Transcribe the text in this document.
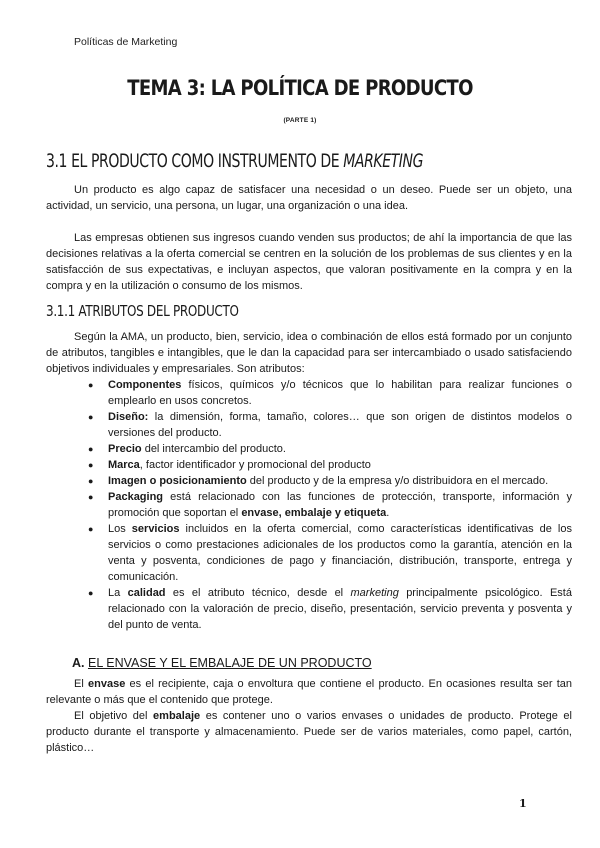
Políticas de Marketing
TEMA 3: LA POLÍTICA DE PRODUCTO
(PARTE 1)
3.1 EL PRODUCTO COMO INSTRUMENTO DE MARKETING

Un producto es algo capaz de satisfacer una necesidad o un deseo. Puede ser un objeto, una actividad, un servicio, una persona, un lugar, una organización o una idea.

Las empresas obtienen sus ingresos cuando venden sus productos; de ahí la importancia de que las decisiones relativas a la oferta comercial se centren en la solución de los problemas de sus clientes y en la satisfacción de sus expectativas, e incluyan aspectos, que valoran positivamente en la compra y en la compra y en la utilización o consumo de los mismos.

3.1.1 ATRIBUTOS DEL PRODUCTO

Según la AMA, un producto, bien, servicio, idea o combinación de ellos está formado por un conjunto de atributos, tangibles e intangibles, que le dan la capacidad para ser intercambiado o usado satisfaciendo objetivos individuales y empresariales. Son atributos:

● Componentes físicos, químicos y/o técnicos que lo habilitan para realizar funciones o emplearlo en usos concretos.
● Diseño: la dimensión, forma, tamaño, colores… que son origen de distintos modelos o versiones del producto.
● Precio del intercambio del producto.
● Marca, factor identificador y promocional del producto
● Imagen o posicionamiento del producto y de la empresa y/o distribuidora en el mercado.
● Packaging está relacionado con las funciones de protección, transporte, información y promoción que soportan el envase, embalaje y etiqueta.
● Los servicios incluidos en la oferta comercial, como características identificativas de los servicios o como prestaciones adicionales de los productos como la garantía, atención en la venta y posventa, condiciones de pago y financiación, distribución, transporte, entrega y comunicación.
● La calidad es el atributo técnico, desde el marketing principalmente psicológico. Está relacionado con la valoración de precio, diseño, presentación, servicio preventa y posventa y del punto de venta.
A. EL ENVASE Y EL EMBALAJE DE UN PRODUCTO

El envase es el recipiente, caja o envoltura que contiene el producto. En ocasiones resulta ser tan relevante o más que el contenido que protege.

El objetivo del embalaje es contener uno o varios envases o unidades de producto. Protege el producto durante el transporte y almacenamiento. Puede ser de varios materiales, como papel, cartón, plástico…

1
